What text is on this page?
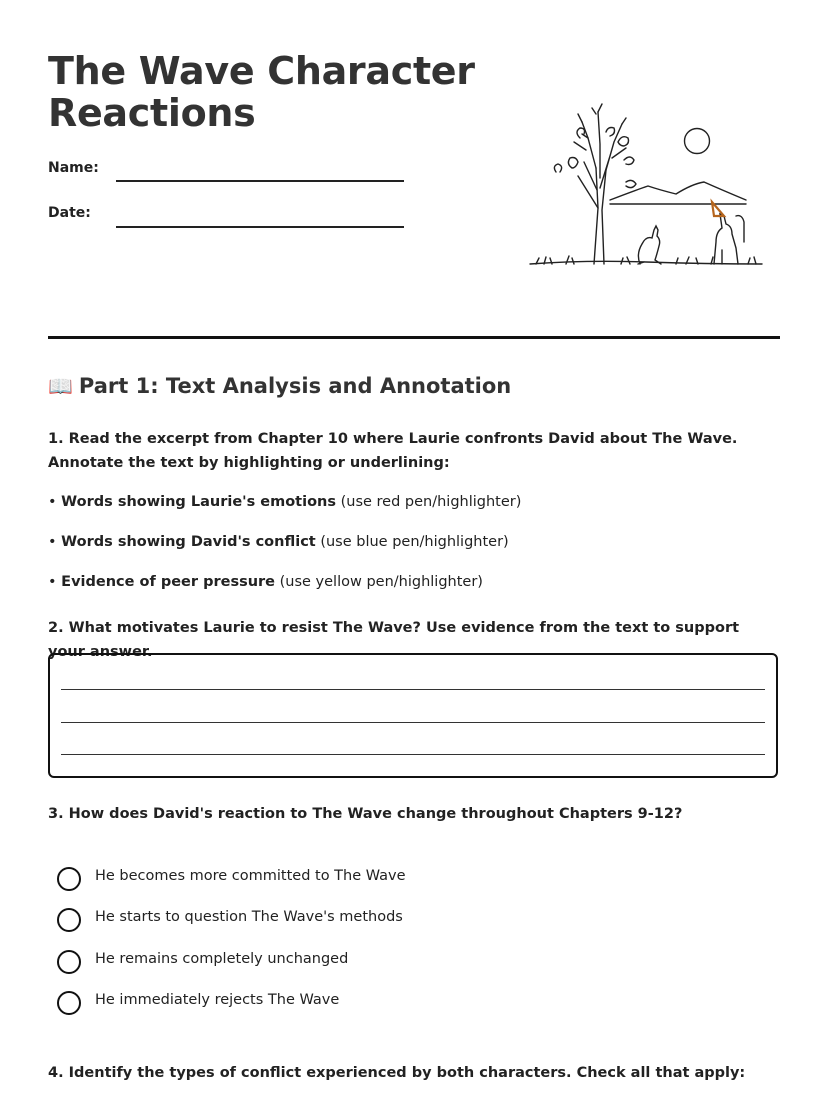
The Wave Character
Reactions
Name:
Date:
📖 Part 1: Text Analysis and Annotation
1. Read the excerpt from Chapter 10 where Laurie confronts David about The Wave. Annotate the text by highlighting or underlining:
• Words showing Laurie's emotions (use red pen/highlighter)
• Words showing David's conflict (use blue pen/highlighter)
• Evidence of peer pressure (use yellow pen/highlighter)
2. What motivates Laurie to resist The Wave? Use evidence from the text to support your answer.
3. How does David's reaction to The Wave change throughout Chapters 9-12?
He becomes more committed to The Wave
He starts to question The Wave's methods
He remains completely unchanged
He immediately rejects The Wave
4. Identify the types of conflict experienced by both characters. Check all that apply:
